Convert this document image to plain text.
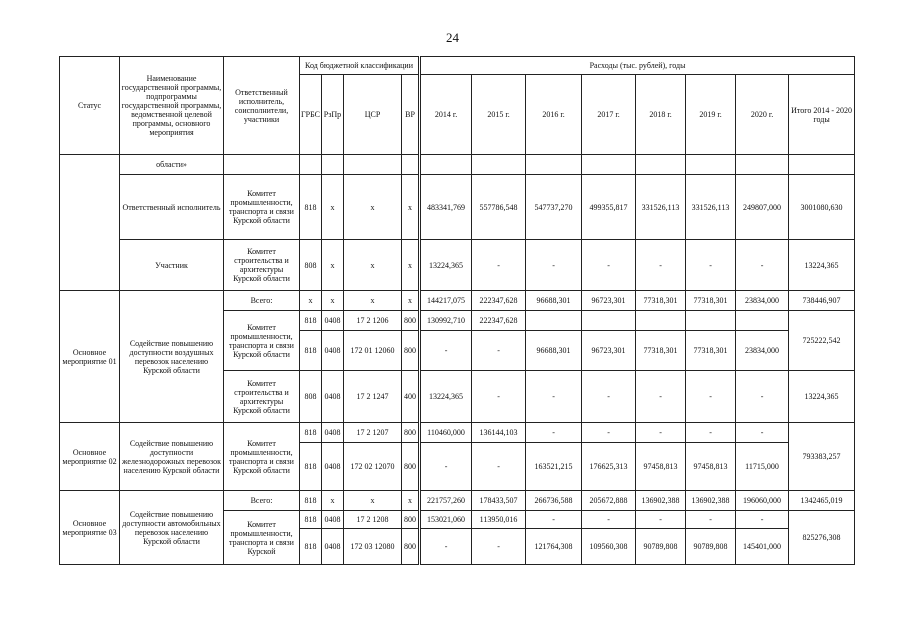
24
Статус	Наименование государственной программы, подпрограммы государственной программы, ведомственной целевой программы, основного мероприятия	Ответственный исполнитель, соисполнители, участники	Код бюджетной классификации				Расходы (тыс. рублей), годы							
			ГРБС	РзПр	ЦСР	ВР	2014 г.	2015 г.	2016 г.	2017 г.	2018 г.	2019 г.	2020 г.	Итого 2014 - 2020 годы
	области»													
	Ответственный исполнитель	Комитет промышленности, транспорта и связи Курской области	818	x	x	x	483341,769	557786,548	547737,270	499355,817	331526,113	331526,113	249807,000	3001080,630
	Участник	Комитет строительства и архитектуры Курской области	808	x	x	x	13224,365	-	-	-	-	-	-	13224,365
Основное мероприятие 01	Содействие повышению доступности воздушных перевозок населению Курской области	Всего:	x	x	x	x	144217,075	222347,628	96688,301	96723,301	77318,301	77318,301	23834,000	738446,907
		Комитет промышленности, транспорта и связи Курской области	818	0408	17 2 1206	800	130992,710	222347,628						725222,542
			818	0408	172 01 12060	800	-	-	96688,301	96723,301	77318,301	77318,301	23834,000	
		Комитет строительства и архитектуры Курской области	808	0408	17 2 1247	400	13224,365	-	-	-	-	-	-	13224,365
Основное мероприятие 02	Содействие повышению доступности железнодорожных перевозок населению Курской области	Комитет промышленности, транспорта и связи Курской области	818	0408	17 2 1207	800	110460,000	136144,103	-	-	-	-	-	793383,257
			818	0408	172 02 12070	800	-	-	163521,215	176625,313	97458,813	97458,813	11715,000	
Основное мероприятие 03	Содействие повышению доступности автомобильных перевозок населению Курской области	Всего:	818	x	x	x	221757,260	178433,507	266736,588	205672,888	136902,388	136902,388	196060,000	1342465,019
		Комитет промышленности, транспорта и связи Курской	818	0408	17 2 1208	800	153021,060	113950,016	-	-	-	-	-	825276,308
			818	0408	172 03 12080	800	-	-	121764,308	109560,308	90789,808	90789,808	145401,000	
